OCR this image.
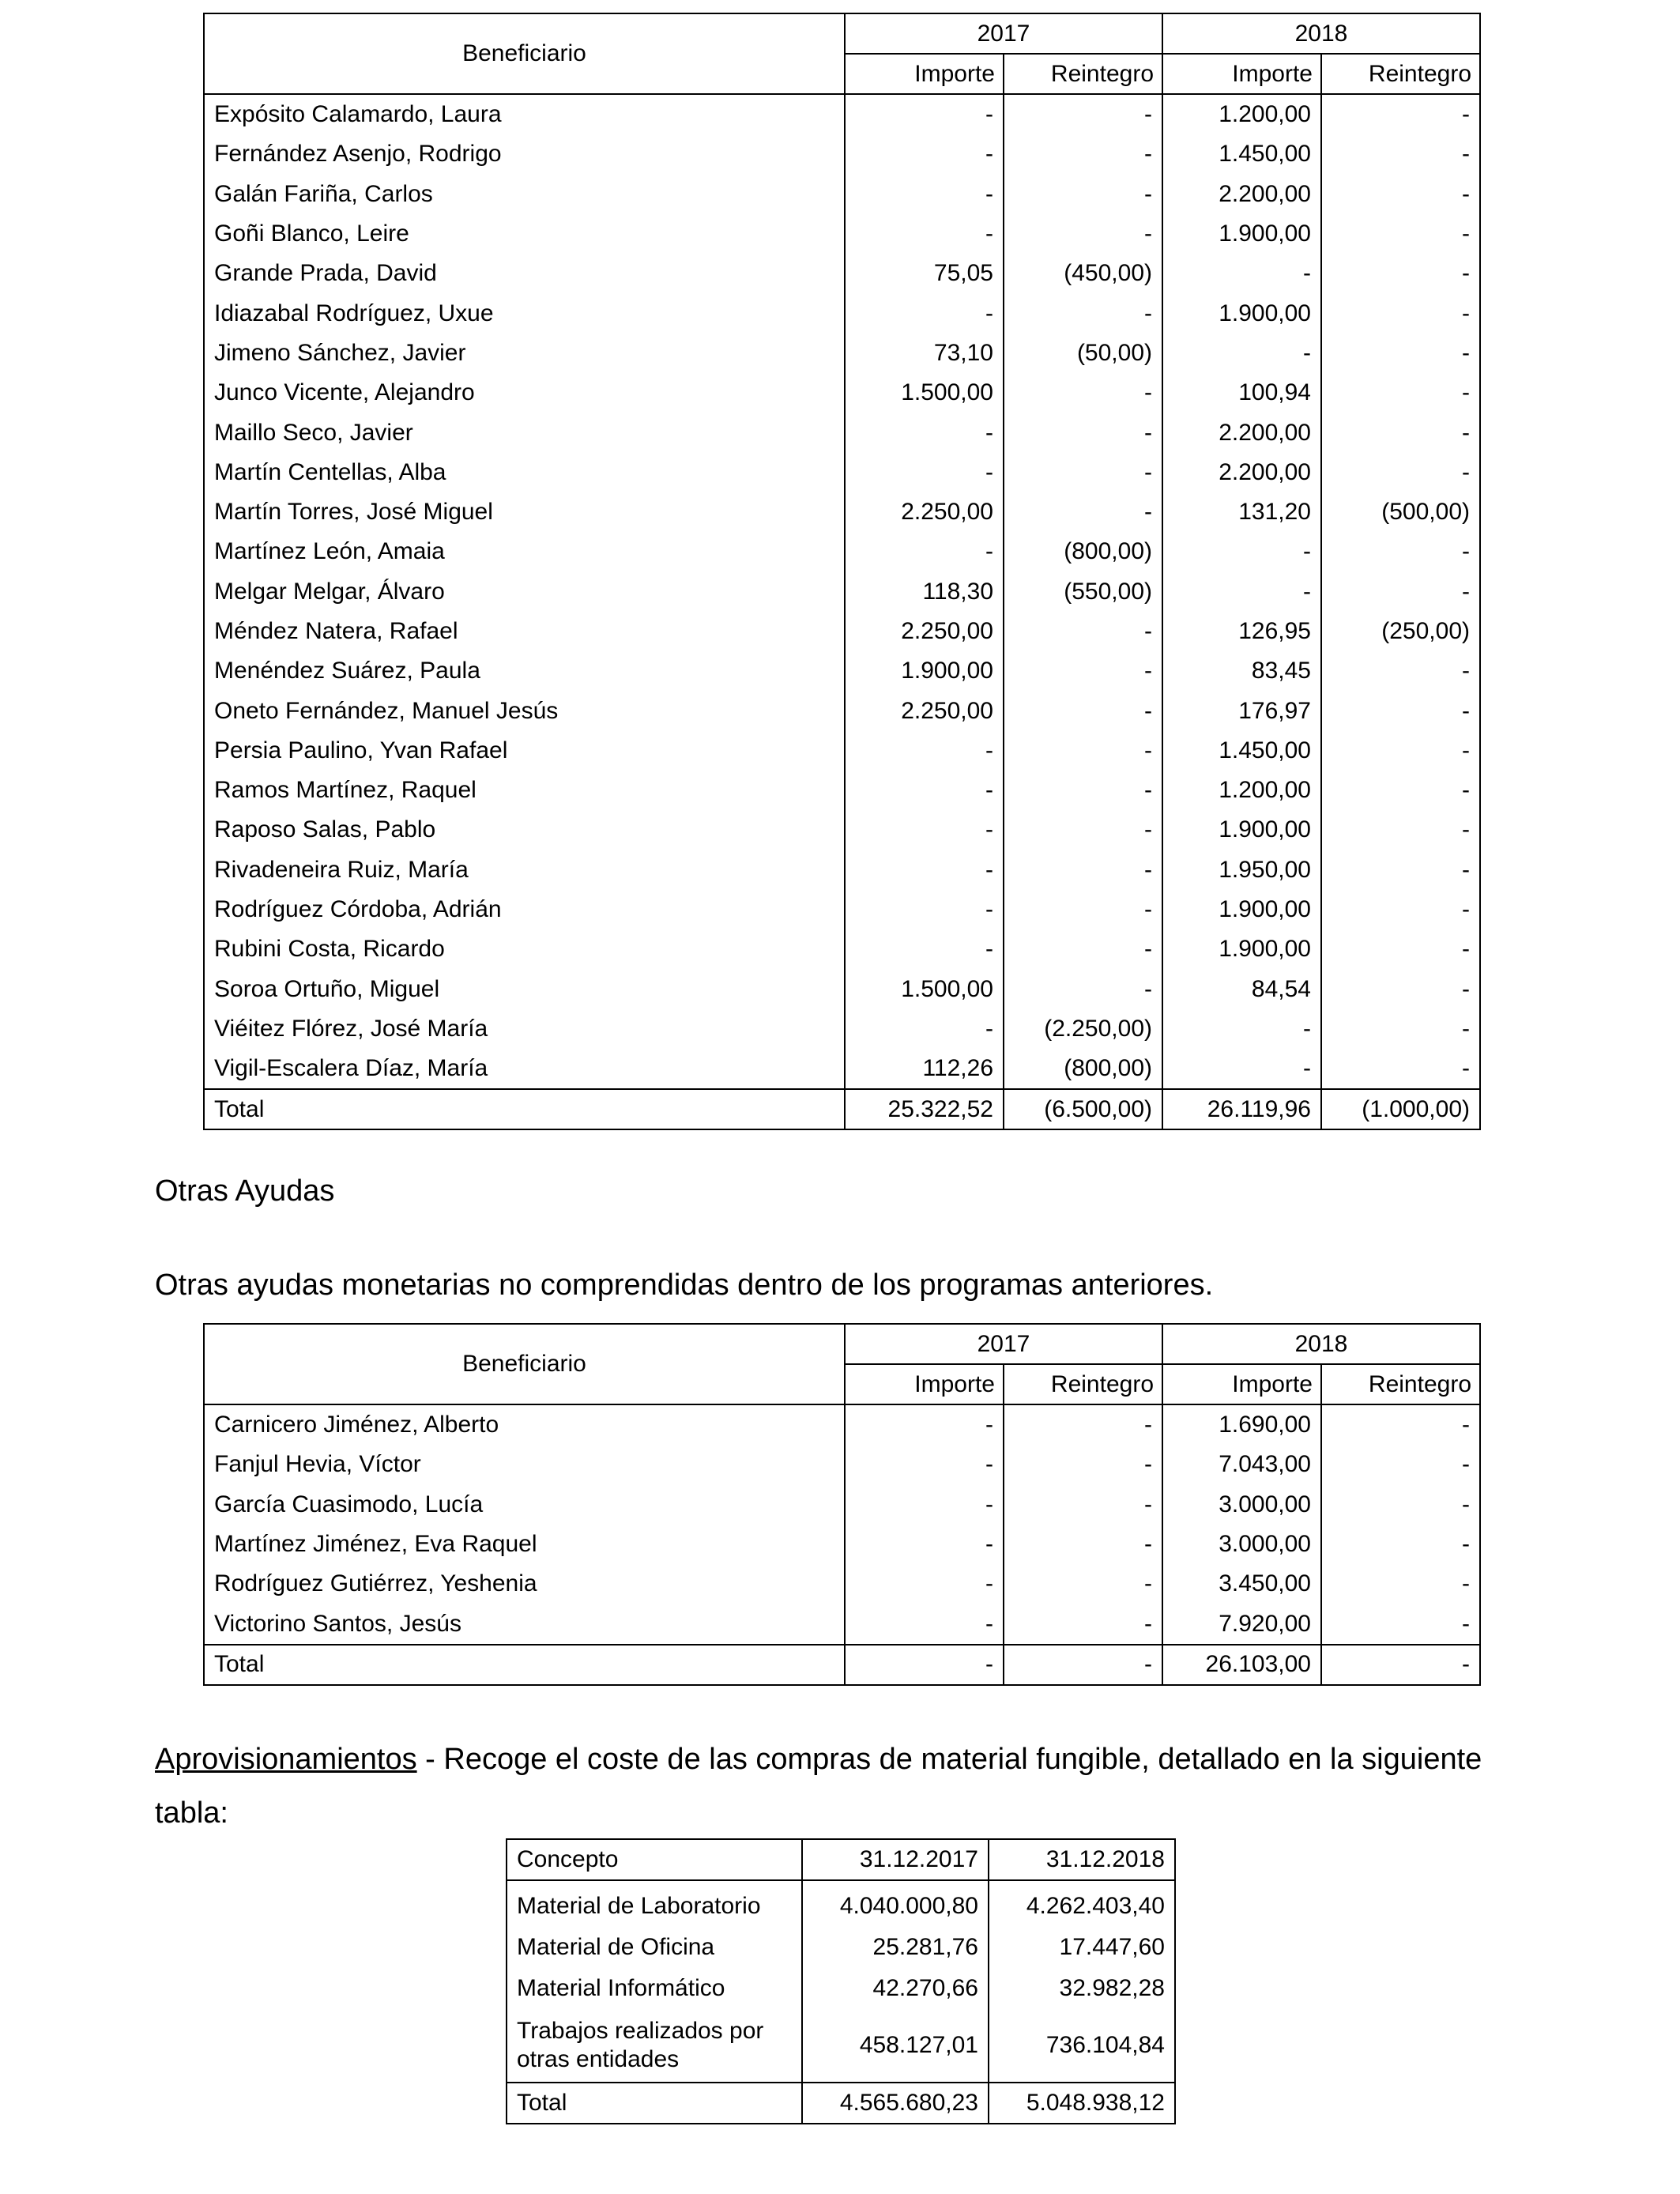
Beneficiario	2017		2018	
	Importe	Reintegro	Importe	Reintegro
Expósito Calamardo, Laura	-	-	1.200,00	-
Fernández Asenjo, Rodrigo	-	-	1.450,00	-
Galán Fariña, Carlos	-	-	2.200,00	-
Goñi Blanco, Leire	-	-	1.900,00	-
Grande Prada, David	75,05	(450,00)	-	-
Idiazabal Rodríguez, Uxue	-	-	1.900,00	-
Jimeno Sánchez, Javier	73,10	(50,00)	-	-
Junco Vicente, Alejandro	1.500,00	-	100,94	-
Maillo Seco, Javier	-	-	2.200,00	-
Martín Centellas, Alba	-	-	2.200,00	-
Martín Torres, José Miguel	2.250,00	-	131,20	(500,00)
Martínez León, Amaia	-	(800,00)	-	-
Melgar Melgar, Álvaro	118,30	(550,00)	-	-
Méndez Natera, Rafael	2.250,00	-	126,95	(250,00)
Menéndez Suárez, Paula	1.900,00	-	83,45	-
Oneto Fernández, Manuel Jesús	2.250,00	-	176,97	-
Persia Paulino, Yvan Rafael	-	-	1.450,00	-
Ramos Martínez, Raquel	-	-	1.200,00	-
Raposo Salas, Pablo	-	-	1.900,00	-
Rivadeneira Ruiz, María	-	-	1.950,00	-
Rodríguez Córdoba, Adrián	-	-	1.900,00	-
Rubini Costa, Ricardo	-	-	1.900,00	-
Soroa Ortuño, Miguel	1.500,00	-	84,54	-
Viéitez Flórez, José María	-	(2.250,00)	-	-
Vigil-Escalera Díaz, María	112,26	(800,00)	-	-
Total	25.322,52	(6.500,00)	26.119,96	(1.000,00)
Otras Ayudas
Otras ayudas monetarias no comprendidas dentro de los programas anteriores.
Beneficiario	2017		2018	
	Importe	Reintegro	Importe	Reintegro
Carnicero Jiménez, Alberto	-	-	1.690,00	-
Fanjul Hevia, Víctor	-	-	7.043,00	-
García Cuasimodo, Lucía	-	-	3.000,00	-
Martínez Jiménez, Eva Raquel	-	-	3.000,00	-
Rodríguez Gutiérrez, Yeshenia	-	-	3.450,00	-
Victorino Santos, Jesús	-	-	7.920,00	-
Total	-	-	26.103,00	-
Aprovisionamientos - Recoge el coste de las compras de material fungible, detallado en la siguiente
tabla:
Concepto	31.12.2017	31.12.2018
Material de Laboratorio	4.040.000,80	4.262.403,40
Material de Oficina	25.281,76	17.447,60
Material Informático	42.270,66	32.982,28
Trabajos realizados por
otras entidades	458.127,01	736.104,84
Total	4.565.680,23	5.048.938,12
